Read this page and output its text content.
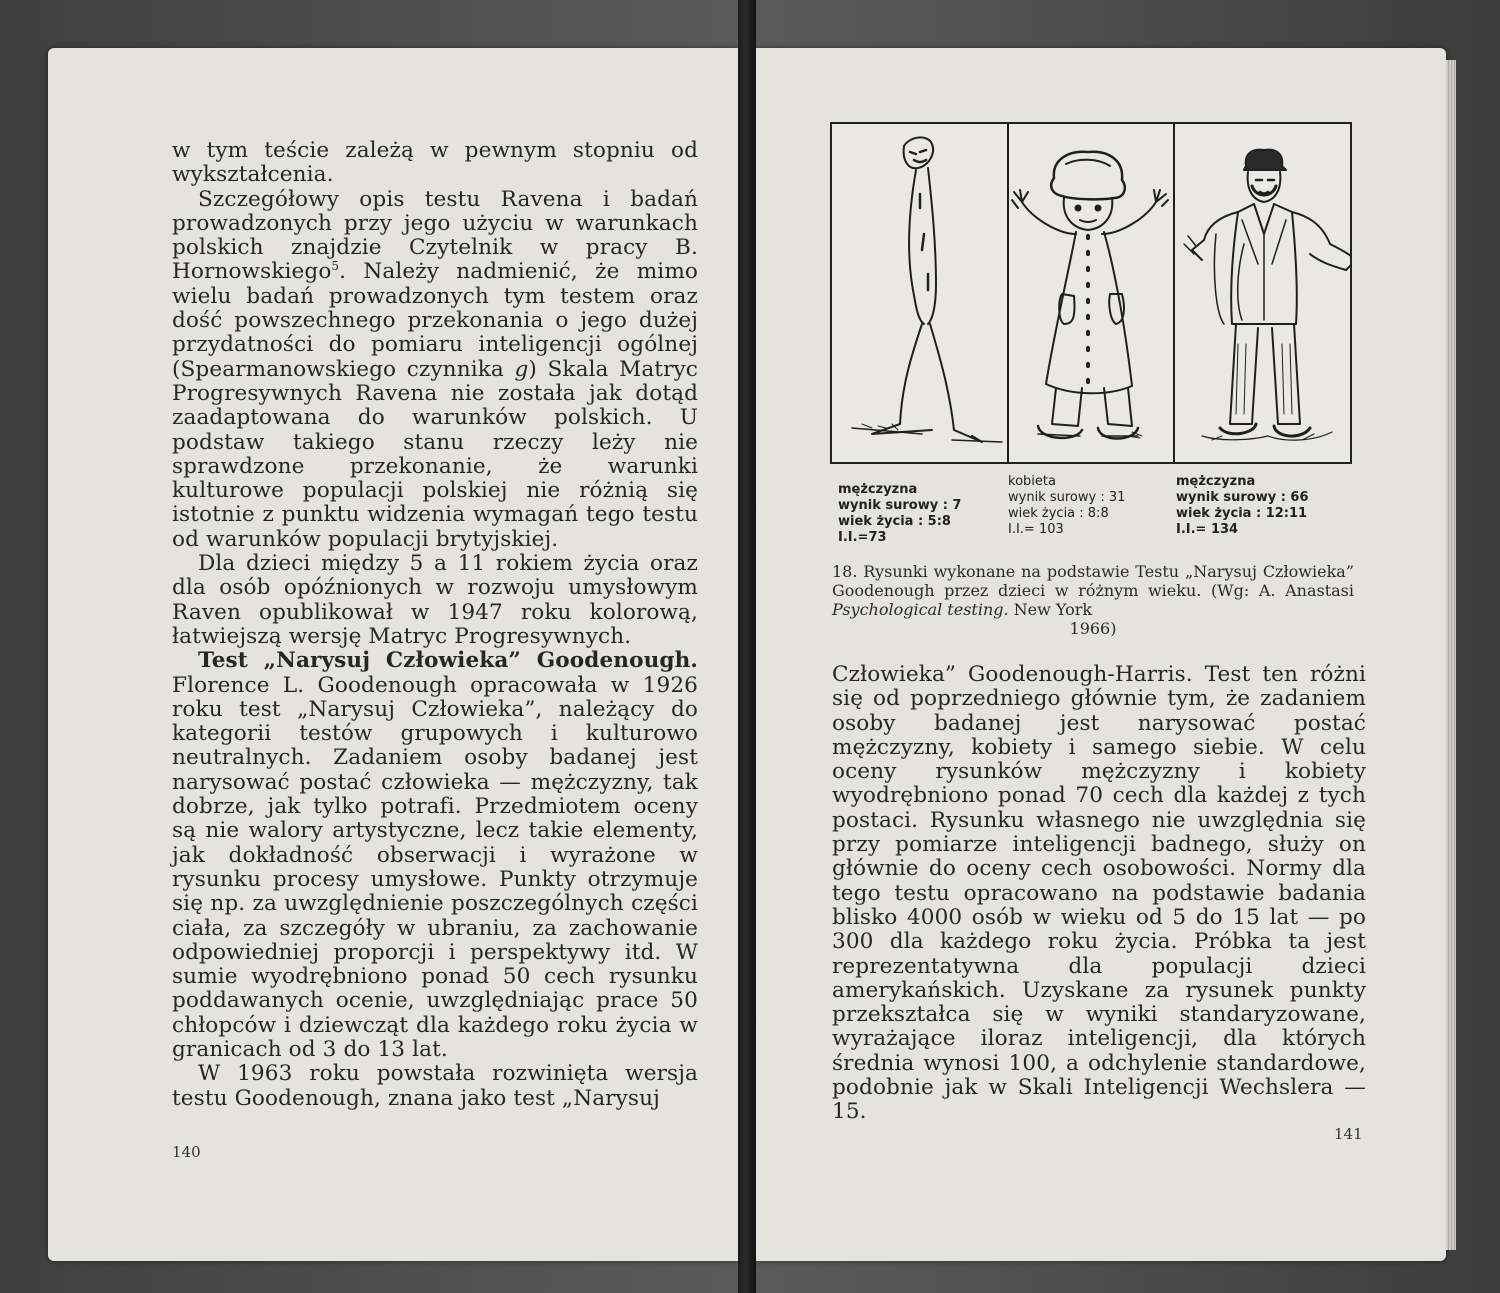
w tym teście zależą w pewnym stopniu od wykształcenia.

Szczegółowy opis testu Ravena i badań prowadzonych przy jego użyciu w warunkach polskich znajdzie Czytelnik w pracy B. Hornowskiego$^5$. Należy nadmienić, że mimo wielu badań prowadzonych tym testem oraz dość powszechnego przekonania o jego dużej przydatności do pomiaru inteligencji ogólnej (Spearmanowskiego czynnika g) Skala Matryc Progresywnych Ravena nie została jak dotąd zaadaptowana do warunków polskich. U podstaw takiego stanu rzeczy leży nie sprawdzone przekonanie, że warunki kulturowe populacji polskiej nie różnią się istotnie z punktu widzenia wymagań tego testu od warunków populacji brytyjskiej.

Dla dzieci między 5 a 11 rokiem życia oraz dla osób opóźnionych w rozwoju umysłowym Raven opublikował w 1947 roku kolorową, łatwiejszą wersję Matryc Progresywnych.

Test „Narysuj Człowieka” Goodenough. Florence L. Goodenough opracowała w 1926 roku test „Narysuj Człowieka”, należący do kategorii testów grupowych i kulturowo neutralnych. Zadaniem osoby badanej jest narysować postać człowieka — mężczyzny, tak dobrze, jak tylko potrafi. Przedmiotem oceny są nie walory artystyczne, lecz takie elementy, jak dokładność obserwacji i wyrażone w rysunku procesy umysłowe. Punkty otrzymuje się np. za uwzględnienie poszczególnych części ciała, za szczegóły w ubraniu, za zachowanie odpowiedniej proporcji i perspektywy itd. W sumie wyodrębniono ponad 50 cech rysunku poddawanych ocenie, uwzględniając prace 50 chłopców i dziewcząt dla każdego roku życia w granicach od 3 do 13 lat.

W 1963 roku powstała rozwinięta wersja testu Goodenough, znana jako test „Narysuj

140
mężczyzna
wynik surowy : 7
wiek życia : 5:8
I.I.=73
kobieta
wynik surowy : 31
wiek życia : 8:8
I.I.= 103
mężczyzna
wynik surowy : 66
wiek życia : 12:11
I.I.= 134
18. Rysunki wykonane na podstawie Testu „Narysuj Człowieka” Goodenough przez dzieci w różnym wieku. (Wg: A. Anastasi Psychological testing. New York
1966)

Człowieka” Goodenough-Harris. Test ten różni się od poprzedniego głównie tym, że zadaniem osoby badanej jest narysować postać mężczyzny, kobiety i samego siebie. W celu oceny rysunków mężczyzny i kobiety wyodrębniono ponad 70 cech dla każdej z tych postaci. Rysunku własnego nie uwzględnia się przy pomiarze inteligencji badnego, służy on głównie do oceny cech osobowości. Normy dla tego testu opracowano na podstawie badania blisko 4000 osób w wieku od 5 do 15 lat — po 300 dla każdego roku życia. Próbka ta jest reprezentatywna dla populacji dzieci amerykańskich. Uzyskane za rysunek punkty przekształca się w wyniki standaryzowane, wyrażające iloraz inteligencji, dla których średnia wynosi 100, a odchylenie standardowe, podobnie jak w Skali Inteligencji Wechslera — 15.

141
